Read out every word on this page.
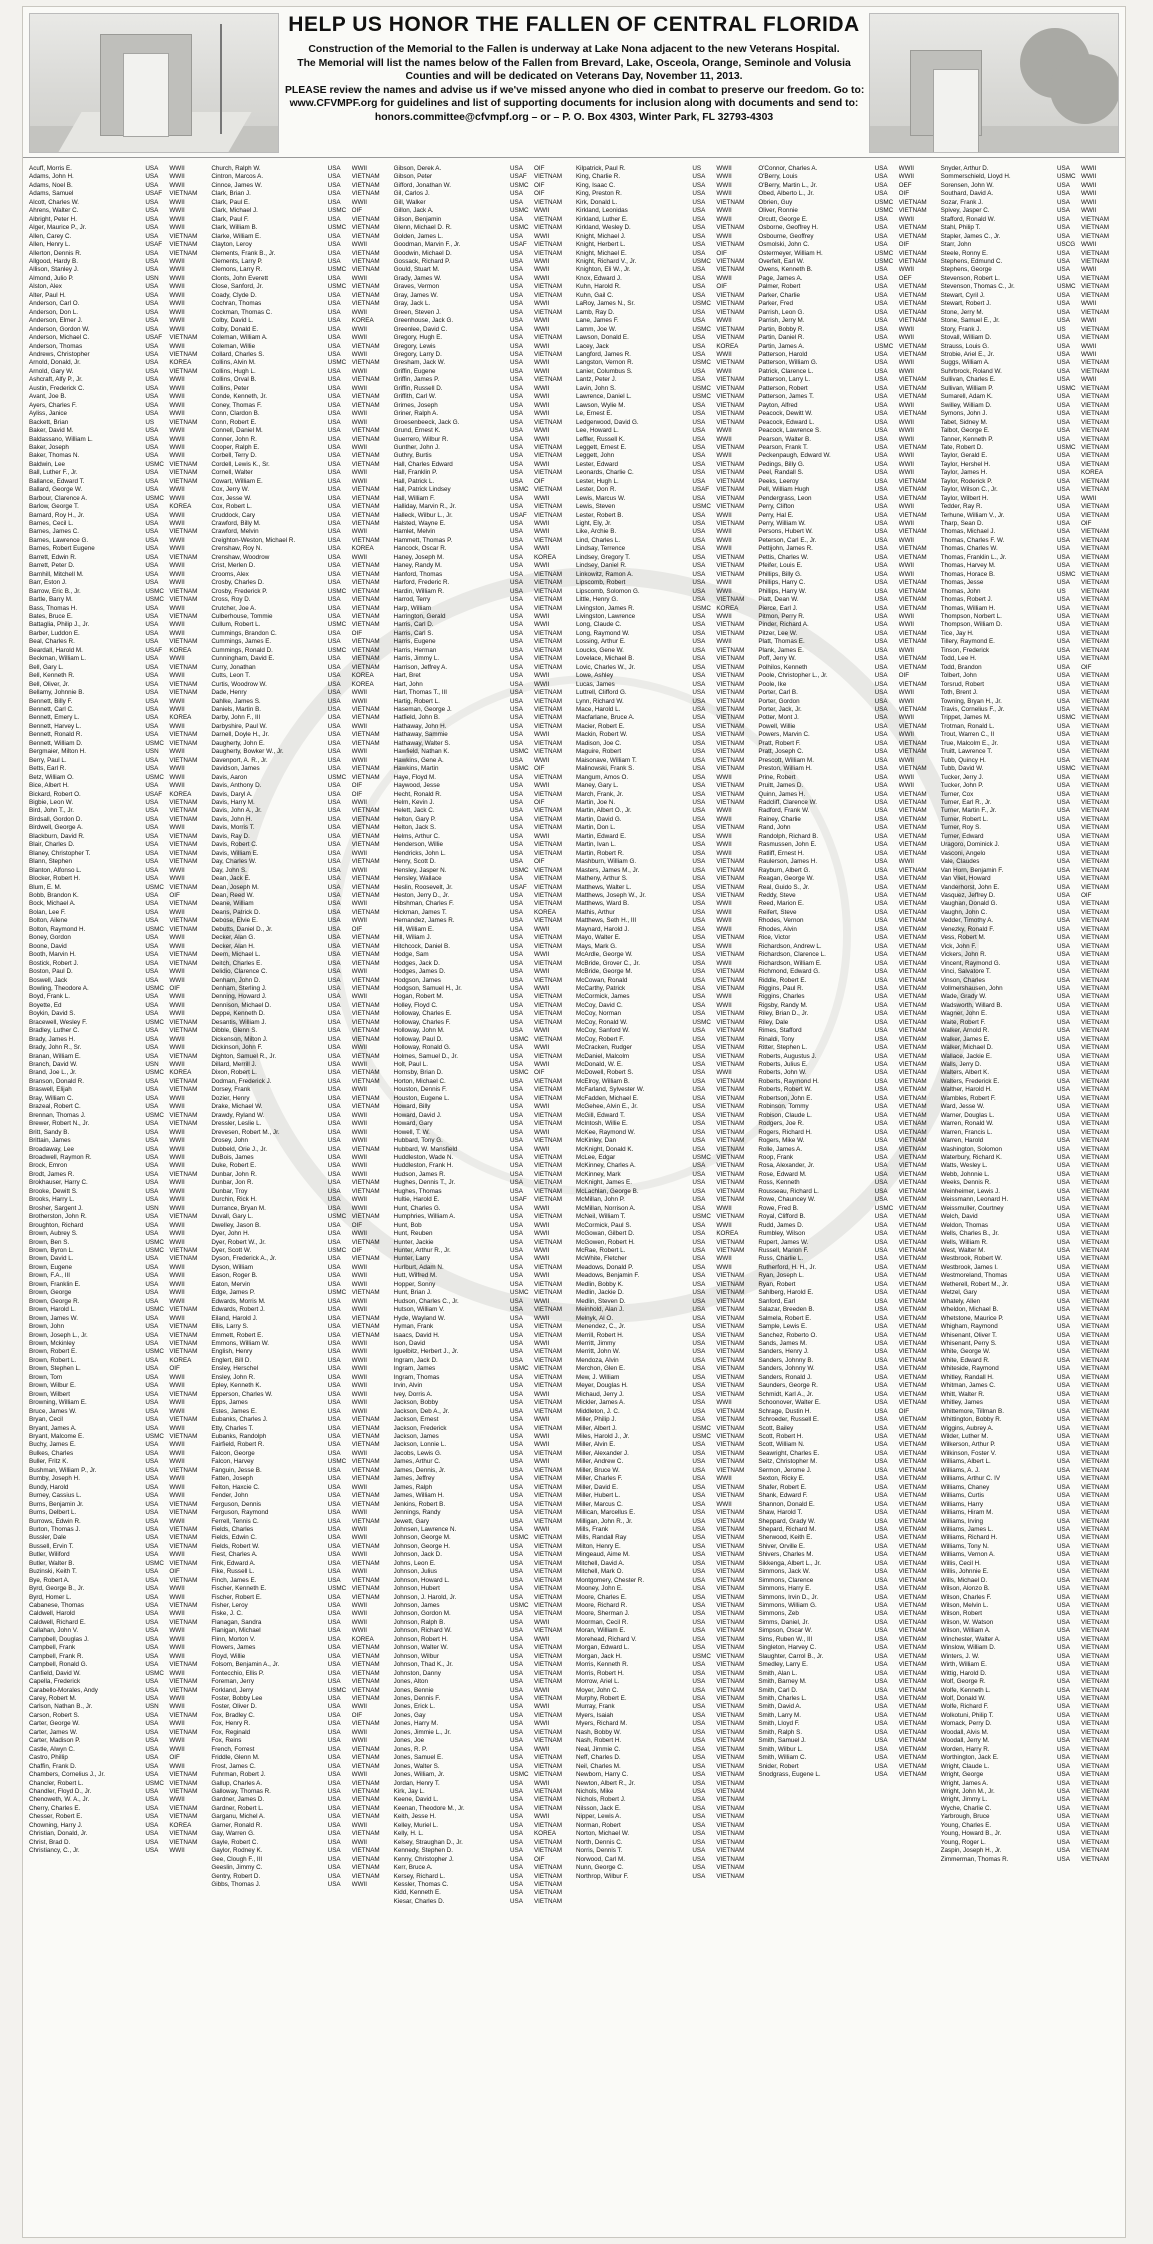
HELP US HONOR THE FALLEN OF CENTRAL FLORIDA
Construction of the Memorial to the Fallen is underway at Lake Nona adjacent to the new Veterans Hospital.
The Memorial will list the names below of the Fallen from Brevard, Lake, Osceola, Orange, Seminole and Volusia
Counties and will be dedicated on Veterans Day, November 11, 2013.
PLEASE review the names and advise us if we've missed anyone who died in combat to preserve our freedom. Go to:
www.CFVMPF.org for guidelines and list of supporting documents for inclusion along with documents and send to:
honors.committee@cfvmpf.org – or – P. O. Box 4303, Winter Park, FL 32793-4303
Acuff, Morris E.	USA	WWII
Adams, John H.	USA	WWII
Adams, Noel B.	USA	WWII
Adams, Samuel	USAF	VIETNAM
Alcott, Charles W.	USA	WWII
Ahrens, Walter C.	USA	WWII
Albright, Peter H.	USA	WWII
Alger, Maurice P., Jr.	USA	WWII
Allen, Carey C.	USA	VIETNAM
Allen, Henry L.	USAF	VIETNAM
Allerton, Dennis R.	USA	VIETNAM
Allgood, Hardy B.	USA	WWII
Allison, Stanley J.	USA	WWII
Almond, Julio P.	USN	WWII
Alston, Alex	USA	WWII
Alter, Paul H.	USA	WWII
Anderson, Carl O.	USA	WWII
Anderson, Don L.	USA	WWII
Anderson, Elmer J.	USA	WWII
Anderson, Gordon W.	USA	WWII
Anderson, Michael C.	USAF	VIETNAM
Anderson, Thomas	USA	WWII
Andrews, Christopher	USA	VIETNAM
Arnold, Donald, Jr.	USA	KOREA
Arnold, Gary W.	USA	VIETNAM
Ashcraft, Alfy P., Jr.	USA	WWII
Austin, Frederick C.	USA	WWII
Avant, Joe B.	USA	WWII
Ayers, Charles F.	USA	WWII
Ayliss, Janice	USA	WWII
Backett, Brian	US	VIETNAM
Baker, David M.	USA	WWII
Baldassano, William L.	USA	WWII
Baker, Joseph	USA	WWII
Baker, Thomas N.	USA	WWII
Baldwin, Lee	USMC VIETNAM
Ball, Luther F., Jr.	USA	VIETNAM
Ballance, Edward T.	USA	VIETNAM
Ballard, George W.	USA	WWII
Barbour, Clarence A.	USMC WWII
Barlow, George T.	USA	KOREA
Barnard, Roy H., Jr.	USA	WWII
Barnes, Cecil L.	USA	WWII
Barnes, James C.	USA	VIETNAM
Barnes, Lawrence G.	USA	WWII
Barnes, Robert Eugene	USA	WWII
Barrett, Edwin R.	USA	VIETNAM
Barrett, Peter D.	USA	WWII
Barnhill, Mitchell M.	USA	WWII
Barr, Eston J.	USA	WWII
Barrow, Eric B., Jr.	USMC VIETNAM
Bartle, Barry M.	USMC VIETNAM
Bass, Thomas H.	USA	WWII
Bates, Bruce E.	USA	VIETNAM
Battaglia, Philip J., Jr.	USA	WWII
Barber, Luddon E.	USA	WWII
Beal, Charles R.	USA	VIETNAM
Beardall, Harold M.	USAF	KOREA
Beckman, William L.	USA	WWII
Bell, Gary L.	USA	VIETNAM
Bell, Kenneth R.	USA	WWII
Bell, Oliver, Jr.	USA	VIETNAM
Bellamy, Johnnie B.	USA	VIETNAM
Bennett, Billy F.	USA	WWII
Bennett, Carl C.	USA	WWII
Bennett, Emery L.	USA	KOREA
Bennett, Harvey L.	USA	WWII
Bennett, Ronald R.	USA	VIETNAM
Bennett, William D.	USMC VIETNAM
Bergmaier, Milton H.	USN	WWII
Berry, Paul L.	USA	VIETNAM
Betts, Earl R.	USA	WWII
Betz, William O.	USMC WWII
Bice, Albert H.	USA	WWII
Bickard, Robert O.	USAF	KOREA
Bigbie, Leon W.	USA	VIETNAM
Bird, John T., Jr.	USA	VIETNAM
Birdsall, Gordon D.	USA	VIETNAM
Birdwell, George A.	USA	WWII
Blackburn, David R.	USA	VIETNAM
Blair, Charles D.	USA	VIETNAM
Blaney, Christopher T.	USA	VIETNAM
Blann, Stephen	USA	VIETNAM
Blanton, Alfonso L.	USA	WWII
Blocker, Robert H.	USA	WWII
Blum, E. M.	USMC VIETNAM
Bobb, Brandon K.	USA	OIF
Bock, Michael A.	USA	VIETNAM
Bolan, Lee F.	USA	WWII
Bolton, Ailene	USA	VIETNAM
Bolton, Raymond H.	USMC VIETNAM
Boney, Gordon	USA	WWII
Boone, David	USA	WWII
Booth, Marvin H.	USA	VIETNAM
Bostick, Robert J.	USA	VIETNAM
Boston, Paul D.	USA	WWII
Boswell, Jack	USA	WWII
Bowling, Theodore A.	USMC OIF
Boyd, Frank L.	USA	WWII
Boyette, Ed	USA	WWII
Boykin, David S.	USA	WWII
Bracewell, Wesley F.	USMC VIETNAM
Bradley, Luther C.	USA	VIETNAM
Brady, James H.	USA	WWII
Brady, John R., Sr.	USA	WWII
Branan, William E.	USA	VIETNAM
Branch, David W.	USN	WWII
Brand, Joe L., Jr.	USMC KOREA
Branson, Donald R.	USA	VIETNAM
Braswell, Elijah	USA	VIETNAM
Bray, William C.	USA	WWII
Brazeal, Robert C.	USA	WWII
Brennan, Thomas J.	USMC VIETNAM
Brewer, Robert N., Jr.	USA	VIETNAM
Britt, Sandy B.	USA	WWII
Brittain, James	USA	WWII
Broadaway, Lee	USA	WWII
Broadwell, Raymon R.	USA	WWII
Brock, Emron	USA	WWII
Brodt, James R.	USA	VIETNAM
Brokhauser, Harry C.	USA	WWII
Brooke, Dewitt S.	USA	WWII
Brooks, Harry L.	USA	WWII
Brosher, Sargent J.	USN	WWII
Brotherston, John R.	USA	VIETNAM
Broughton, Richard	USA	WWII
Brown, Aubrey S.	USA	WWII
Brown, Ben S.	USMC WWII
Brown, Byron L.	USMC VIETNAM
Brown, David L.	USA	VIETNAM
Brown, Eugene	USA	WWII
Brown, F.A., III	USA	WWII
Brown, Franklin E.	USA	WWII
Brown, George	USA	WWII
Brown, George R.	USA	WWII
Brown, Harold L.	USMC VIETNAM
Brown, James W.	USA	WWII
Brown, John	USA	VIETNAM
Brown, Joseph L., Jr.	USA	VIETNAM
Brown, Mckinley	USA	VIETNAM
Brown, Robert E.	USMC VIETNAM
Brown, Robert L.	USA	KOREA
Brown, Stephen L.	USA	OIF
Brown, Tom	USA	WWII
Brown, Wilbur E.	USA	WWII
Brown, Wilbert	USA	VIETNAM
Browning, William E.	USA	WWII
Bruce, James W.	USA	WWII
Bryan, Cecil	USA	VIETNAM
Bryant, James A.	USA	WWII
Bryant, Malcome E.	USMC VIETNAM
Buchy, James E.	USA	WWII
Bulkes, Charles	USA	WWII
Buller, Fritz K.	USA	WWII
Bushman, William P., Jr.	USA	VIETNAM
Bumby, Joseph H.	USA	WWII
Bundy, Harold	USA	WWII
Burney, Cassius L.	USA	WWII
Burns, Benjamin Jr.	USA	VIETNAM
Burns, Delbert L.	USA	VIETNAM
Burrows, Edwin R.	USA	WWII
Burton, Thomas J.	USA	VIETNAM
Bussler, Dale	USA	VIETNAM
Bussell, Ervin T.	USA	VIETNAM
Butler, Wiliford	USA	WWII
Butler, Walter B.	USMC VIETNAM
Buzinski, Keith T.	USA	OIF
Bye, Robert A.	USA	VIETNAM
Byrd, George B., Jr.	USA	WWII
Byrd, Homer L.	USA	WWII
Cabanese, Thomas	USA	VIETNAM
Caldwell, Harold	USA	WWII
Caldwell, Richard E.	USA	VIETNAM
Callahan, John V.	USA	WWII
Campbell, Douglas J.	USA	WWII
Campbell, Frank	USA	WWII
Campbell, Frank R.	USA	WWII
Campbell, Ronald G.	USA	VIETNAM
Canfield, David W.	USMC WWII
Capella, Frederick	USA	VIETNAM
Carabello-Morales, Andy	USA	VIETNAM
Carey, Robert M.	USA	WWII
Carlson, Nathan B., Jr.	USN	WWII
Carson, Robert S.	USA	VIETNAM
Carter, George W.	USA	WWII
Carter, James W.	USA	VIETNAM
Carter, Madison P.	USA	WWII
Castle, Alwyn C.	USA	WWII
Castro, Phillip	USA	OIF
Chaffin, Frank D.	USA	WWII
Chambers, Cornelius J., Jr.	USA	VIETNAM
Chancler, Robert L.	USMC VIETNAM
Chandler, Floyd D., Jr.	USA	VIETNAM
Chenoweth, W. A., Jr.	USA	WWII
Cherry, Charles E.	USA	VIETNAM
Chesser, Robert E.	USA	VIETNAM
Chowning, Harry J.	USA	KOREA
Christian, Donald, Jr.	USA	VIETNAM
Christ, Brad D.	USA	VIETNAM
Christiancy, C., Jr.	USA	WWII
Church, Ralph W.	USA	WWII
Cintron, Marcos A.	USA	VIETNAM
Cinnce, James W.	USA	VIETNAM
Clark, Brian J.	USA	VIETNAM
Clark, Paul E.	USA	WWII
Clark, Michael J.	USMC OIF
Clark, Paul F.	USA	VIETNAM
Clark, William B.	USMC VIETNAM
Clarke, William E.	USA	VIETNAM
Clayton, Leroy	USA	WWII
Clements, Frank B., Jr.	USA	VIETNAM
Clements, Larry P.	USA	VIETNAM
Clemons, Larry R.	USMC VIETNAM
Clonts, John Everett	USA	WWII
Close, Sanford, Jr.	USMC VIETNAM
Coady, Clyde D.	USA	VIETNAM
Cochran, Thomas	USA	VIETNAM
Cockman, Thomas C.	USA	WWII
Colby, David L.	USA	KOREA
Colby, Donald E.	USA	WWII
Coleman, William A.	USA	WWII
Coleman, Willie	USA	VIETNAM
Collard, Charles S.	USA	WWII
Collins, Alvin M.	USMC VIETNAM
Collins, Hugh L.	USA	WWII
Collins, Orval B.	USA	VIETNAM
Collins, Peter	USA	WWII
Conde, Kenneth, Jr.	USA	VIETNAM
Coney, Thomas F.	USA	VIETNAM
Conn, Clardon B.	USA	WWII
Conn, Robert E.	USA	WWII
Connell, Daniel M.	USA	VIETNAM
Conner, John R.	USA	VIETNAM
Cooper, Ralph E.	USA	WWII
Corbell, Terry D.	USA	VIETNAM
Cordell, Lewis K., Sr.	USA	VIETNAM
Cornell, Walter	USA	WWII
Cowart, William E.	USA	WWII
Cox, Jerry W.	USA	VIETNAM
Cox, Jesse W.	USA	VIETNAM
Cox, Robert L.	USA	VIETNAM
Cruddock, Cary	USA	VIETNAM
Crawford, Billy M.	USA	VIETNAM
Crawford, Melvin	USA	WWII
Creighton-Weston, Michael R.	USA	VIETNAM
Crenshaw, Roy N.	USA	KOREA
Crenshaw, Woodrow	USA	WWII
Crist, Merlen D.	USA	VIETNAM
Crooms, Alex	USA	VIETNAM
Crosby, Charles D.	USA	VIETNAM
Crosby, Frederick P.	USMC VIETNAM
Cross, Roy D.	USA	VIETNAM
Crutcher, Joe A.	USA	VIETNAM
Culberhouse, Tommie	USA	VIETNAM
Cullum, Robert L.	USMC VIETNAM
Cummings, Brandon C.	USA	OIF
Cummings, James E.	USA	VIETNAM
Cummings, Ronald D.	USMC VIETNAM
Cunningham, David E.	USA	VIETNAM
Curry, Jonathan	USA	VIETNAM
Cutts, Leon T.	USA	KOREA
Curtis, Woodrow W.	USA	KOREA
Dade, Henry	USA	WWII
Dahlke, James S.	USA	WWII
Daniels, Martin B.	USA	VIETNAM
Darby, John F., III	USA	VIETNAM
Darbyshire, Paul W.	USA	WWII
Darnell, Doyle H., Jr.	USA	VIETNAM
Daugherty, John E.	USA	VIETNAM
Daugherty, Bowker W., Jr.	USA	WWII
Davenport, A. R., Jr.	USA	WWII
Davidson, James	USA	VIETNAM
Davis, Aaron	USMC VIETNAM
Davis, Anthony D.	USA	OIF
Davis, Daryl A.	USA	OIF
Davis, Harry M.	USA	WWII
Davis, John A., Jr.	USA	VIETNAM
Davis, John H.	USA	VIETNAM
Davis, Morris T.	USA	VIETNAM
Davis, Ray D.	USA	VIETNAM
Davis, Robert C.	USA	VIETNAM
Davis, William E.	USA	WWII
Day, Charles W.	USA	VIETNAM
Day, John S.	USA	WWII
Dean, Jack E.	USA	VIETNAM
Dean, Joseph M.	USA	VIETNAM
Dean, Reed W.	USA	VIETNAM
Deane, William	USA	WWII
Deans, Patrick D.	USA	VIETNAM
Debose, Elvie E.	USA	WWII
Debutts, Daniel D., Jr.	USA	OIF
Decker, Alan G.	USA	VIETNAM
Decker, Alan H.	USA	VIETNAM
Deem, Michael L.	USA	VIETNAM
Deitch, Charles E.	USA	VIETNAM
Delidio, Clarence C.	USA	WWII
Denham, John D.	USA	VIETNAM
Denham, Sterling J.	USA	VIETNAM
Denning, Howard J.	USA	WWII
Dennison, Michael D.	USA	VIETNAM
Deppe, Kenneth D.	USA	VIETNAM
Desantis, William J.	USA	VIETNAM
Dibble, Glenn S.	USA	VIETNAM
Dickenson, Milton J.	USA	VIETNAM
Dickinson, John F.	USA	WWII
Dighton, Samuel R., Jr.	USA	VIETNAM
Dillard, Merrill J.	USA	WWII
Dixon, Robert L.	USA	VIETNAM
Dodman, Frederick J.	USA	VIETNAM
Dorsey, Frank	USA	WWII
Dozier, Henry	USA	VIETNAM
Drake, Michael W.	USA	VIETNAM
Drawdy, Ryland W.	USA	WWII
Dressler, Leslie L.	USA	WWII
Drevesen, Robert M., Jr.	USA	WWII
Drosey, John	USA	WWII
Dubbeld, Orie J., Jr.	USA	VIETNAM
DuBois, James	USA	WWII
Duke, Robert E.	USA	WWII
Dunbar, John R.	USA	WWII
Dunbar, Jon R.	USA	VIETNAM
Dunbar, Troy	USA	VIETNAM
Durchin, Rick H.	USA	WWII
Durrance, Bryan M.	USA	WWII
Duvall, Gary L.	USMC VIETNAM
Dwelley, Jason B.	USA	OIF
Dyer, John H.	USA	WWII
Dyer, Robert W., Jr.	USA	VIETNAM
Dyer, Scott W.	USMC OIF
Dyson, Frederick A., Jr.	USA	VIETNAM
Dyson, William	USA	WWII
Eason, Roger B.	USA	WWII
Eaton, Mervin	USA	WWII
Edge, James P.	USMC VIETNAM
Edwards, Morris M.	USA	WWII
Edwards, Robert J.	USA	WWII
Eiland, Harold J.	USA	VIETNAM
Ellis, Larry S.	USA	VIETNAM
Emmett, Robert E.	USA	VIETNAM
Emmons, William W.	USA	WWII
English, Henry	USA	WWII
Englert, Bill D.	USA	WWII
Ensley, Herschel	USA	WWII
Ensley, John R.	USA	WWII
Epley, Kenneth K.	USA	WWII
Epperson, Charles W.	USA	WWII
Epps, James	USA	WWII
Estes, James E.	USA	WWII
Eubanks, Charles J.	USA	VIETNAM
Etty, Charles T.	USA	VIETNAM
Eubanks, Randolph	USA	VIETNAM
Fairfield, Robert R.	USA	VIETNAM
Falcon, George	USA	WWII
Falcon, Harvey	USMC VIETNAM
Fanguin, Jesse B.	USA	VIETNAM
Fatten, Joseph	USA	VIETNAM
Felton, Haxcie C.	USA	WWII
Fender, John	USA	VIETNAM
Ferguson, Dennis	USA	VIETNAM
Ferguson, Raymond	USA	WWII
Ferrell, Tennis C.	USA	VIETNAM
Fields, Charles	USA	WWII
Fields, Edwin C.	USA	WWII
Fields, Robert W.	USA	VIETNAM
Fiest, Charles A.	USA	WWII
Fink, Edward A.	USA	VIETNAM
Fike, Russell L.	USA	WWII
Finch, James E.	USA	VIETNAM
Fischer, Kenneth E.	USMC VIETNAM
Fischer, Robert E.	USA	VIETNAM
Fisher, Leroy	USA	WWII
Fiske, J. C.	USA	WWII
Flanagan, Sandra	USA	WWII
Flanigan, Michael	USA	WWII
Flinn, Morton V.	USA	KOREA
Flowers, James	USA	VIETNAM
Floyd, Willie	USA	VIETNAM
Folsom, Benjamin A., Jr.	USA	VIETNAM
Fontecchio, Ellis P.	USA	VIETNAM
Foreman, Jerry	USA	VIETNAM
Forkland, Jerry	USMC VIETNAM
Foster, Bobby Lee	USA	VIETNAM
Foster, Oliver D.	USA	WWII
Fox, Bradley C.	USA	OIF
Fox, Henry R.	USA	VIETNAM
Fox, Reginald	USA	WWII
Fox, Reins	USA	WWII
French, Forrest	USA	VIETNAM
Friddle, Glenn M.	USA	VIETNAM
Frost, James C.	USA	VIETNAM
Fuhrman, Robert J.	USA	WWII
Gallup, Charles A.	USA	VIETNAM
Galloway, Thomas R.	USA	VIETNAM
Gardner, James D.	USA	VIETNAM
Gardner, Robert L.	USA	VIETNAM
Garganu, Michel A.	USA	VIETNAM
Garner, Ronald R.	USA	WWII
Gay, Warren G.	USA	VIETNAM
Gayle, Robert C.	USA	WWII
Gaylor, Rodney K.	USA	VIETNAM
Gee, Clough F., III	USA	VIETNAM
Geeslin, Jimmy C.	USA	VIETNAM
Gentry, Robert D.	USA	VIETNAM
Gibbs, Thomas J.	USA	WWII
Gibson, Derek A.	USA	OIF
Gibson, Peter	USAF	VIETNAM
Gifford, Jonathan W.	USMC OIF
Gil, Carlos J.	USA	OIF
Gill, Walker	USA	VIETNAM
Gillon, Jack A.	USMC WWII
Gilson, Benjamin	USA	VIETNAM
Glenn, Michael D. R.	USMC VIETNAM
Golden, James L.	USA	WWII
Goodman, Marvin F., Jr.	USAF	VIETNAM
Goodwin, Michael D.	USA	VIETNAM
Gossack, Richard P.	USA	WWII
Gould, Stuart M.	USA	WWII
Grady, James W.	USA	WWII
Graves, Vermon	USA	VIETNAM
Gray, James W.	USA	VIETNAM
Gray, Jack L.	USA	WWII
Green, Steven J.	USA	VIETNAM
Greenhouse, Jack G.	USA	WWII
Greenlee, David C.	USA	WWII
Gregory, Hugh E.	USA	VIETNAM
Gregory, Lewis	USA	WWII
Gregory, Larry D.	USA	VIETNAM
Gresham, Jack W.	USA	WWII
Griffin, Eugene	USA	WWII
Griffin, James P.	USA	VIETNAM
Griffin, Russell D.	USA	WWII
Griffith, Carl W.	USA	WWII
Grimes, Joseph	USA	WWII
Griner, Ralph A.	USA	WWII
Groesenbeeck, Jack G.	USA	VIETNAM
Grund, Ernest K.	USA	WWII
Guerrero, Wilbur R.	USA	WWII
Gunther, John J.	USA	VIETNAM
Guthry, Burtis	USA	VIETNAM
Hall, Charles Edward	USA	WWII
Hall, Franklin P.	USA	VIETNAM
Hall, Patrick L.	USA	OIF
Hall, Patrick Lindsey	USMC VIETNAM
Hall, William F.	USA	WWII
Halliday, Marvin R., Jr.	USA	VIETNAM
Halleck, Wilbur L., Jr.	USAF	VIETNAM
Halsted, Wayne E.	USA	WWII
Hamlet, Melvin	USA	WWII
Hammett, Thomas P.	USA	VIETNAM
Hancock, Oscar R.	USA	WWII
Haney, Joseph M.	USA	KOREA
Haney, Randy M.	USA	WWII
Hanford, Thomas	USA	VIETNAM
Harford, Frederic R.	USA	VIETNAM
Hardin, William R.	USA	VIETNAM
Harrod, Terry	USA	VIETNAM
Harp, William	USA	VIETNAM
Harrington, Gerald	USA	WWII
Harris, Carl D.	USA	WWII
Harris, Carl S.	USA	VIETNAM
Harris, Eugene	USA	VIETNAM
Harris, Herman	USA	VIETNAM
Harris, Jimmy L.	USA	VIETNAM
Harrison, Jeffrey A.	USA	VIETNAM
Hart, Bret	USA	WWII
Hart, John	USA	WWII
Hart, Thomas T., III	USA	VIETNAM
Hartig, Robert L.	USA	VIETNAM
Haseman, George J.	USA	VIETNAM
Hatfield, John B.	USA	VIETNAM
Hathaway, John H.	USA	VIETNAM
Hathaway, Sammie	USA	WWII
Hathaway, Walter S.	USA	VIETNAM
Hawfield, Nathan K.	USMC VIETNAM
Hawkins, Gene A.	USA	WWII
Hawkins, Martin	USMC OIF
Haye, Floyd M.	USA	VIETNAM
Haywood, Jesse	USA	WWII
Hecht, Ronald R.	USA	VIETNAM
Helm, Kevin J.	USA	OIF
Helett, Jack C.	USA	VIETNAM
Helton, Gary P.	USA	VIETNAM
Helton, Jack S.	USA	VIETNAM
Helms, Arthur C.	USA	WWII
Henderson, Willie	USA	VIETNAM
Hendricks, John L.	USA	VIETNAM
Henry, Scott D.	USA	OIF
Hensley, Jasper N.	USMC VIETNAM
Hensley, Wallace	USA	VIETNAM
Heslin, Roosevelt, Jr.	USAF	VIETNAM
Heston, Jerry D., Jr.	USA	VIETNAM
Hibshman, Charles F.	USA	VIETNAM
Hickman, James T.	USA	KOREA
Hernandez, James R.	USA	VIETNAM
Hill, William E.	USA	WWII
Hill, Wiliam J.	USA	VIETNAM
Hitchcock, Daniel B.	USA	VIETNAM
Hodge, Sam	USA	WWII
Hodges, Jack D.	USA	VIETNAM
Hodges, James D.	USA	WWII
Hodgson, James	USA	VIETNAM
Hodgson, Samuel H., Jr.	USA	WWII
Hogan, Robert M.	USA	VIETNAM
Holley, Floyd C.	USA	VIETNAM
Holloway, Charles E.	USA	VIETNAM
Holloway, Charles F.	USA	VIETNAM
Holloway, John M.	USA	WWII
Holloway, Paul D.	USMC VIETNAM
Holloway, Ronald G.	USA	WWII
Holmes, Samuel D., Jr.	USA	VIETNAM
Holt, Paul L.	USA	WWII
Hornsby, Brian D.	USMC OIF
Horton, Michael C.	USA	VIETNAM
Houston, Dennis F.	USA	VIETNAM
Houston, Eugene L.	USA	VIETNAM
Howard, Billy	USA	WWII
Howard, David J.	USA	VIETNAM
Howard, Gary	USA	VIETNAM
Howell, T. W.	USA	WWII
Hubbard, Tony G.	USA	VIETNAM
Hubbard, W. Mansfield	USA	WWII
Huddleston, Wade N.	USA	VIETNAM
Huddleston, Frank H.	USA	VIETNAM
Hudson, James R.	USA	VIETNAM
Hughes, Dennis T., Jr.	USA	VIETNAM
Hughes, Thomas	USA	VIETNAM
Hultie, Harold E.	USAF	VIETNAM
Hunt, Charles G.	USA	WWII
Humphries, William A.	USA	VIETNAM
Hunt, Bob	USA	WWII
Hunt, Reuben	USA	WWII
Hunter, Jackie	USA	VIETNAM
Hunter, Arthur R., Jr.	USA	WWII
Hunter, Larry	USA	WWII
Hurlburt, Adam N.	USA	VIETNAM
Hutt, Wilfred M.	USA	WWII
Hopper, Sonny	USA	VIETNAM
Hunt, Brian J.	USMC VIETNAM
Hudson, Charles C., Jr.	USA	WWII
Hutson, William V.	USA	VIETNAM
Hyde, Wayland W.	USA	WWII
Hyman, Frank	USA	VIETNAM
Isaacs, David H.	USA	VIETNAM
Ison, David	USA	WWII
Iguelbitz, Herbert J., Jr.	USA	VIETNAM
Ingram, Jack D.	USA	VIETNAM
Ingram, James	USMC VIETNAM
Ingram, Thomas	USA	VIETNAM
Irvin, Alvin	USA	VIETNAM
Ivey, Dorris A.	USA	WWII
Jackson, Bobby	USA	VIETNAM
Jackson, Deb A., Jr.	USA	VIETNAM
Jackson, Ernest	USA	WWII
Jackson, Frederick	USA	VIETNAM
Jackson, James	USA	WWII
Jackson, Lonnie L.	USA	WWII
Jacobs, Lewis G.	USA	VIETNAM
James, Arthur C.	USA	WWII
James, Dennis, Jr.	USA	VIETNAM
James, Jeffrey	USA	VIETNAM
James, Ralph	USA	VIETNAM
James, William H.	USA	VIETNAM
Jenkins, Robert B.	USA	VIETNAM
Jennings, Randy	USA	VIETNAM
Jewett, Gary	USA	VIETNAM
Johnsen, Lawrence N.	USA	WWII
Johnson, George M.	USMC VIETNAM
Johnson, George H.	USA	VIETNAM
Johnson, Jack D.	USA	VIETNAM
Johns, Leon E.	USA	VIETNAM
Johnson, Julius	USA	VIETNAM
Johnson, Howard L.	USA	VIETNAM
Johnson, Hubert	USA	VIETNAM
Johnson, J. Harold, Jr.	USA	VIETNAM
Johnson, James	USMC VIETNAM
Johnson, Gordon M.	USA	VIETNAM
Johnson, Ralph B.	USA	WWII
Johnson, Richard W.	USA	VIETNAM
Johnson, Robert H.	USA	WWII
Johnson, Walter W.	USA	VIETNAM
Johnson, Wilbur	USA	VIETNAM
Johnson, Thad K., Jr.	USA	VIETNAM
Johnston, Danny	USA	VIETNAM
Jones, Alton	USA	VIETNAM
Jones, Bennie	USA	WWII
Jones, Dennis F.	USA	VIETNAM
Jones, Erick L.	USA	WWII
Jones, Gay	USA	VIETNAM
Jones, Harry M.	USA	WWII
Jones, Jimmie L., Jr.	USA	VIETNAM
Jones, Joe	USA	VIETNAM
Jones, R. P.	USA	WWII
Jones, Samuel E.	USA	VIETNAM
Jones, Walter S.	USA	VIETNAM
Jones, William, Jr.	USMC VIETNAM
Jordan, Henry T.	USA	WWII
Kirk, Jay L.	USA	VIETNAM
Keene, David L.	USA	VIETNAM
Keenan, Theodore M., Jr.	USA	VIETNAM
Keith, Jesse H.	USA	WWII
Kelley, Muriel L.	USA	VIETNAM
Kelly, H. L.	USA	KOREA
Kelsey, Straughan D., Jr.	USA	VIETNAM
Kennedy, Stephen D.	USA	VIETNAM
Kenny, Christopher J.	USA	OIF
Kerr, Bruce A.	USA	VIETNAM
Kersey, Richard L.	USA	VIETNAM
Kessler, Thomas C.	USA	VIETNAM
Kidd, Kenneth E.	USA	VIETNAM
Kiesar, Charles D.	USA	VIETNAM
Kilpatrick, Paul R.	US	WWII
King, Charlie R.	USA	WWII
King, Isaac C.	USA	WWII
King, Preston R.	USA	WWII
Kirk, Donald L.	USA	VIETNAM
Kirkland, Leonidas	USA	WWII
Kirkland, Luther E.	USA	WWII
Kirkland, Wesley D.	USA	VIETNAM
Knight, Michael J.	USA	WWII
Knight, Herbert L.	USA	VIETNAM
Knight, Michael E.	USA	OIF
Knight, Richard V., Jr.	USMC VIETNAM
Knighton, Eli W., Jr.	USA	VIETNAM
Knox, Edward J.	USA	WWII
Kuhn, Harold R.	USA	OIF
Kuhn, Gail C.	USA	VIETNAM
LaRoy, James N., Sr.	USMC VIETNAM
Lamb, Ray D.	USA	VIETNAM
Lane, James F.	USA	WWII
Lamm, Joe W.	USMC VIETNAM
Lawson, Donald E.	USA	VIETNAM
Lacey, Jack	USA	KOREA
Langford, James R.	USA	WWII
Langston, Vernon R.	USMC VIETNAM
Lanier, Columbus S.	USA	WWII
Lantz, Peter J.	USA	VIETNAM
Lavin, John S.	USMC VIETNAM
Lawrence, Daniel L.	USMC VIETNAM
Lawson, Wylie M.	USA	VIETNAM
Le, Ernest E.	USA	VIETNAM
Ledgerwood, David G.	USA	VIETNAM
Lee, Howard L.	USA	WWII
Leffler, Russell K.	USA	WWII
Leggett, Ernest E.	USA	VIETNAM
Leggett, John	USA	WWII
Lester, Edward	USA	VIETNAM
Leonards, Charlie C.	USA	VIETNAM
Lester, Hugh L.	USA	VIETNAM
Lester, Don R.	USAF	VIETNAM
Lewis, Marcus W.	USA	VIETNAM
Lewis, Steven	USMC VIETNAM
Lester, Robert B.	USA	WWII
Light, Ely, Jr.	USA	VIETNAM
Like, Archie B.	USA	WWII
Lind, Charles L.	USA	WWII
Lindsay, Terrence	USA	WWII
Lindsey, Gregory T.	USA	VIETNAM
Lindsey, Daniel R.	USA	VIETNAM
Linkowitz, Ramon A.	USA	VIETNAM
Lipscomb, Robert	USA	WWII
Lipscomb, Solomon G.	USA	WWII
Little, Henry G.	USA	VIETNAM
Livingston, James R.	USMC KOREA
Livingston, Lawrence	USA	WWII
Long, Claude C.	USA	VIETNAM
Long, Raymond W.	USA	VIETNAM
Lossing, Arthur E.	USA	WWII
Loucks, Gene W.	USA	VIETNAM
Lovelace, Michael B.	USA	VIETNAM
Lovic, Charles W., Jr.	USA	VIETNAM
Lowe, Ashley	USA	VIETNAM
Lucas, James	USA	VIETNAM
Luttrell, Clifford G.	USA	VIETNAM
Lynn, Richard W.	USA	VIETNAM
Mace, Harold L.	USA	VIETNAM
Macfarlane, Bruce A.	USA	VIETNAM
Macier, Robert E.	USA	VIETNAM
Mackin, Robert W.	USA	VIETNAM
Madison, Joe C.	USA	VIETNAM
Maguire, Robert	USA	VIETNAM
Maisonave, William T.	USA	VIETNAM
Malinowski, Frank S.	USA	VIETNAM
Mangum, Amos O.	USA	WWII
Maney, Gary L.	USA	VIETNAM
March, Frank, Jr.	USA	VIETNAM
Martin, Joe N.	USA	VIETNAM
Martin, Albert O., Jr.	USA	WWII
Martin, David G.	USA	WWII
Martin, Don L.	USA	VIETNAM
Martin, Edward E.	USA	WWII
Martin, Ivan L.	USA	WWII
Martin, Robert R.	USA	WWII
Mashburn, William G.	USA	VIETNAM
Masters, James M., Jr.	USA	VIETNAM
Matheny, Arthur S.	USA	VIETNAM
Matthews, Walter L.	USA	VIETNAM
Matthews, Joseph W., Jr.	USA	VIETNAM
Matthews, Ward B.	USA	WWII
Mathis, Arthur	USA	WWII
Matthews, Seth H., III	USA	WWII
Maynard, Harold J.	USA	WWII
Mayo, Walter E.	USA	VIETNAM
Mays, Mark G.	USA	WWII
McArdle, George W.	USA	VIETNAM
McBride, Grover C., Jr.	USA	WWII
McBride, George M.	USA	VIETNAM
McCowan, Ronald	USA	VIETNAM
McCarthy, Patrick	USA	VIETNAM
McCormick, James	USA	WWII
McCoy, David C.	USA	WWII
McCoy, Norman	USA	VIETNAM
McCoy, Ronald W.	USMC VIETNAM
McCoy, Sanford W.	USA	VIETNAM
McCoy, Robert F.	USA	VIETNAM
McCracken, Rudger	USA	VIETNAM
McDaniel, Malcolm	USA	VIETNAM
McDonald, W. E.	USA	VIETNAM
McDowell, Robert S.	USA	WWII
McElroy, William B.	USA	VIETNAM
McFarland, Sylvester W.	USA	VIETNAM
McFadden, Michael E.	USA	VIETNAM
McGehee, Alvin E., Jr.	USA	VIETNAM
McGill, Edward T.	USA	VIETNAM
McIntosh, Willie E.	USA	VIETNAM
McKee, Raymond W.	USA	VIETNAM
McKinley, Dan	USA	VIETNAM
McKnight, Donald K.	USA	VIETNAM
McLee, Edgar	USMC VIETNAM
McKinney, Charles A.	USA	VIETNAM
McKinney, Mark	USA	VIETNAM
McKnight, James E.	USA	VIETNAM
McLachlan, George B.	USA	VIETNAM
McMillan, John P.	USA	VIETNAM
McMillan, Norrison A.	USA	WWII
McNeil, William T.	USMC VIETNAM
McCormick, Paul S.	USA	WWII
McGowan, Gilbert D.	USA	KOREA
McGowen, Robert H.	USA	VIETNAM
McRae, Robert L.	USA	VIETNAM
McWhite, Fletcher	USA	WWII
Meadows, Donald P.	USA	WWII
Meadows, Benjamin F.	USA	VIETNAM
Medlin, Bobby K.	USA	VIETNAM
Medlin, Jackie D.	USA	VIETNAM
Medlin, Steven D.	USA	VIETNAM
Meinhold, Alan J.	USA	VIETNAM
Melnyk, Al O.	USA	VIETNAM
Menendez, C., Jr.	USA	VIETNAM
Merrill, Robert H.	USA	VIETNAM
Merritt, Jimmy	USA	VIETNAM
Merritt, John W.	USA	VIETNAM
Mendoza, Alvin	USA	VIETNAM
Merchon, Glen E.	USA	VIETNAM
Mew, J. William	USA	VIETNAM
Meyer, Douglas H.	USA	VIETNAM
Michaud, Jerry J.	USA	VIETNAM
Mickler, James A.	USA	WWII
Middleton, J. C.	USA	VIETNAM
Miller, Philip J.	USA	VIETNAM
Miller, Albert J.	USMC VIETNAM
Miles, Harold J., Jr.	USMC VIETNAM
Miller, Alvin E.	USA	VIETNAM
Miller, Alexander J.	USA	VIETNAM
Miller, Andrew C.	USA	VIETNAM
Miller, Bruce W.	USA	VIETNAM
Miller, Charles F.	USA	WWII
Miller, David E.	USA	VIETNAM
Miller, Hubert L.	USA	VIETNAM
Miller, Marcus C.	USA	WWII
Millican, Marcellus E.	USA	VIETNAM
Milligan, John R., Jr.	USA	VIETNAM
Mills, Frank	USA	VIETNAM
Mills, Randall Ray	USA	VIETNAM
Milton, Henry E.	USA	VIETNAM
Mingeaud, Aime M.	USA	VIETNAM
Mitchell, David A.	USA	VIETNAM
Mitchell, Mark O.	USA	VIETNAM
Montgomery, Chester R.	USA	VIETNAM
Mooney, John E.	USA	VIETNAM
Moore, Charles E.	USA	VIETNAM
Moore, Richard R.	USA	VIETNAM
Moore, Sherman J.	USA	VIETNAM
Moorman, Cecil R.	USA	VIETNAM
Moran, William E.	USA	VIETNAM
Morehead, Richard V.	USA	VIETNAM
Morgan, Edward L.	USA	VIETNAM
Morgan, Jack H.	USMC VIETNAM
Morris, Kenneth R.	USA	VIETNAM
Morris, Robert H.	USA	VIETNAM
Morrow, Ariel L.	USA	VIETNAM
Moyer, John C.	USA	VIETNAM
Murphy, Robert E.	USA	VIETNAM
Murray, Frank	USA	VIETNAM
Myers, Isaiah	USA	VIETNAM
Myers, Richard M.	USA	VIETNAM
Nash, Bobby W.	USA	VIETNAM
Nash, Robert H.	USA	VIETNAM
Neal, Jimmie C.	USA	VIETNAM
Neff, Charles D.	USA	VIETNAM
Neil, Charles M.	USA	VIETNAM
Newborn, Harry C.	USA	VIETNAM
Newton, Albert R., Jr.	USA	VIETNAM
Nichols, Mike	USA	VIETNAM
Nichols, Robert J.	USA	VIETNAM
Nilsson, Jack E.	USA	VIETNAM
Nipper, Lewis A.	USA	VIETNAM
Norman, Robert	USA	VIETNAM
Norton, Michael W.	USA	VIETNAM
North, Dennis C.	USA	VIETNAM
Norris, Dennis T.	USA	VIETNAM
Norwood, Carl M.	USA	VIETNAM
Nunn, George C.	USA	VIETNAM
Northrop, Wilbur F.	USA	VIETNAM
O'Connor, Charles A.	USA	WWII
O'Berry, Louis	USA	WWII
O'Berry, Martin L., Jr.	USA	OEF
Obed, Alberto L., Jr.	USA	OIF
Obrien, Guy	USMC VIETNAM
Oliver, Ronnie	USMC VIETNAM
Orcutt, George E.	USA	WWII
Osborne, Geoffrey H.	USA	VIETNAM
Osbourne, Geoffrey	USA	VIETNAM
Osmolski, John C.	USA	OIF
Ostermeyer, William H.	USMC VIETNAM
Overfelt, Earl W.	USMC VIETNAM
Owens, Kenneth B.	USA	WWII
Page, James A.	USA	OEF
Palmer, Robert	USA	VIETNAM
Parker, Charlie	USA	VIETNAM
Parker, Fred	USA	VIETNAM
Parrish, Leon G.	USA	VIETNAM
Parrish, Jerry M.	USA	VIETNAM
Partin, Bobby R.	USA	WWII
Partin, Daniel R.	USA	WWII
Partin, James A.	USMC VIETNAM
Patterson, Harold	USA	VIETNAM
Patterson, William G.	USA	WWII
Patrick, Clarence L.	USA	WWII
Patterson, Larry L.	USA	VIETNAM
Patterson, Robert	USA	VIETNAM
Patterson, James T.	USA	VIETNAM
Payton, Alfred	USA	WWII
Peacock, Dewitt W.	USA	VIETNAM
Peacock, Edward L.	USA	WWII
Peacock, Lawrence S.	USA	WWII
Pearson, Walter B.	USA	WWII
Pearson, Frank T.	USA	VIETNAM
Peckenpaugh, Edward W.	USA	WWII
Pedings, Billy G.	USA	WWII
Peel, Randall S.	USA	WWII
Peeks, Leeroy	USA	VIETNAM
Pell, William Hugh	USA	VIETNAM
Pendergrass, Leon	USA	VIETNAM
Perry, Clifton	USA	WWII
Perry, Hal E.	USA	VIETNAM
Perry, William W.	USA	WWII
Persons, Hubert W.	USA	VIETNAM
Peterson, Carl E., Jr.	USA	WWII
Pettijohn, James R.	USA	VIETNAM
Pettis, Charles W.	USA	VIETNAM
Pfeifer, Louis E.	USA	WWII
Phillips, Billy G.	USA	WWII
Phillips, Harry C.	USA	VIETNAM
Phillips, Harry W.	USA	VIETNAM
Piatt, Dean W.	USA	VIETNAM
Pierce, Earl J.	USA	VIETNAM
Pitmon, Perry R.	USA	WWII
Pinder, Richard A.	USA	WWII
Pitzer, Lee W.	USA	VIETNAM
Platt, Thomas E.	USA	VIETNAM
Plank, James E.	USA	WWII
Poff, Jerry W.	USA	VIETNAM
Polhilos, Kenneth	USA	VIETNAM
Poole, Christopher L., Jr.	USA	OIF
Poole, Ike	USA	VIETNAM
Porter, Carl B.	USA	WWII
Porter, Gordon	USA	WWII
Porter, Jack, Jr.	USA	VIETNAM
Potter, Mont J.	USA	WWII
Powell, Willie	USA	VIETNAM
Powers, Marvin C.	USA	WWII
Pratt, Robert F.	USA	VIETNAM
Pratt, Joseph C.	USA	VIETNAM
Prescott, William M.	USA	WWII
Preston, William H.	USA	VIETNAM
Prine, Robert	USA	WWII
Pruitt, James D.	USA	WWII
Quinn, James H.	USA	VIETNAM
Radcliff, Clarence W.	USA	VIETNAM
Radford, Frank W.	USA	VIETNAM
Rainey, Charlie	USA	VIETNAM
Rand, John	USA	VIETNAM
Randolph, Richard B.	USA	VIETNAM
Rasmussen, John E.	USA	VIETNAM
Ratliff, Ernest H.	USA	VIETNAM
Raulerson, James H.	USA	WWII
Rayburn, Albert G.	USA	VIETNAM
Reagan, George W.	USA	VIETNAM
Real, Guido S., Jr.	USA	VIETNAM
Reddy, Steve	USA	VIETNAM
Reed, Marion E.	USA	VIETNAM
Reifert, Steve	USA	VIETNAM
Rhodes, Vernon	USA	VIETNAM
Rhodes, Alvin	USA	VIETNAM
Rice, Victor	USA	VIETNAM
Richardson, Andrew L.	USA	VIETNAM
Richardson, Clarence L.	USA	VIETNAM
Richardson, William E.	USA	VIETNAM
Richmond, Edward G.	USA	VIETNAM
Riddle, Robert E.	USA	VIETNAM
Riggins, Paul R.	USA	VIETNAM
Riggins, Charles	USA	VIETNAM
Rigsby, Randy M.	USA	VIETNAM
Riley, Brian D., Jr.	USA	VIETNAM
Riley, Dale	USA	VIETNAM
Rimes, Stafford	USA	VIETNAM
Rinaldi, Tony	USA	VIETNAM
Ritter, Stephen L.	USA	VIETNAM
Roberts, Augustus J.	USA	VIETNAM
Roberts, Julius E.	USA	VIETNAM
Roberts, John W.	USA	VIETNAM
Roberts, Raymond H.	USA	VIETNAM
Roberts, Robert W.	USA	VIETNAM
Robertson, John E.	USA	VIETNAM
Robinson, Tommy	USA	VIETNAM
Robison, Claude L.	USA	VIETNAM
Rodgers, Joe R.	USA	VIETNAM
Rogers, Richard H.	USA	VIETNAM
Rogers, Mike W.	USA	VIETNAM
Rolle, James A.	USA	VIETNAM
Roop, Frank	USA	VIETNAM
Rosa, Alexander, Jr.	USA	VIETNAM
Rose, Edward M.	USA	VIETNAM
Ross, Kenneth	USA	VIETNAM
Rousseau, Richard L.	USA	VIETNAM
Rowe, Chauncey W.	USA	VIETNAM
Rowe, Fred B.	USMC VIETNAM
Royal, Clifford B.	USA	VIETNAM
Rudd, James D.	USA	VIETNAM
Rumbley, Wilson	USA	VIETNAM
Rupert, James W.	USA	VIETNAM
Russell, Marion F.	USA	VIETNAM
Russ, Charlie L.	USA	VIETNAM
Rutherford, H. H., Jr.	USA	VIETNAM
Ryan, Joseph L.	USA	VIETNAM
Ryan, Robert	USA	VIETNAM
Sahlberg, Harold E.	USA	VIETNAM
Sanford, Earl	USA	VIETNAM
Salazar, Breeden B.	USA	VIETNAM
Salmela, Robert E.	USA	VIETNAM
Sample, Lewis E.	USA	VIETNAM
Sanchez, Roberto O.	USA	VIETNAM
Sands, James M.	USA	VIETNAM
Sanders, Henry J.	USA	VIETNAM
Sanders, Johnny B.	USA	VIETNAM
Sanders, Johnny W.	USA	VIETNAM
Sanders, Ronald J.	USA	VIETNAM
Saunders, George R.	USA	VIETNAM
Schmidt, Karl A., Jr.	USA	VIETNAM
Schoonover, Walter E.	USA	VIETNAM
Schrage, Dustin H.	USA	OIF
Schroeder, Russell E.	USA	VIETNAM
Scott, Bailey	USA	VIETNAM
Scott, Robert H.	USA	VIETNAM
Scott, William N.	USA	VIETNAM
Seawright, Charles E.	USA	VIETNAM
Seitz, Christopher M.	USA	VIETNAM
Sermon, Jerome J.	USA	VIETNAM
Sexton, Ricky E.	USA	VIETNAM
Shafer, Robert E.	USA	VIETNAM
Shank, Edward F.	USA	VIETNAM
Shannon, Donald E.	USA	VIETNAM
Shaw, Harold T.	USA	VIETNAM
Sheppard, Grady W.	USA	VIETNAM
Shepard, Richard M.	USA	VIETNAM
Sherwood, Keith E.	USA	VIETNAM
Shiver, Orville E.	USA	VIETNAM
Shivers, Charles M.	USA	VIETNAM
Sikkenga, Albert L., Jr.	USA	VIETNAM
Simmons, Jack W.	USA	VIETNAM
Simmons, Clarence	USA	VIETNAM
Simmons, Harry E.	USA	VIETNAM
Simmons, Irvin D., Jr.	USA	VIETNAM
Simmons, William G.	USA	VIETNAM
Simmons, Zeb	USA	VIETNAM
Simms, Daniel, Jr.	USA	VIETNAM
Simpson, Oscar W.	USA	VIETNAM
Sims, Ruben W., III	USA	VIETNAM
Singleton, Harvey C.	USA	VIETNAM
Slaughter, Carrol B., Jr.	USA	VIETNAM
Smedley, Larry E.	USA	VIETNAM
Smith, Alan L.	USA	VIETNAM
Smith, Barney M.	USA	VIETNAM
Smith, Carl D.	USA	VIETNAM
Smith, Charles L.	USA	VIETNAM
Smith, David A.	USA	VIETNAM
Smith, Larry M.	USA	VIETNAM
Smith, Lloyd F.	USA	VIETNAM
Smith, Ralph S.	USA	VIETNAM
Smith, Samuel J.	USA	VIETNAM
Smith, Wilbur L.	USA	VIETNAM
Smith, William C.	USA	VIETNAM
Snider, Robert	USA	VIETNAM
Snodgrass, Eugene L.	USA	VIETNAM
Snyder, Arthur D.	USA	WWII
Sommerschield, Lloyd H.	USMC WWII
Sorensen, John W.	USA	WWII
Southard, David A.	USA	WWII
Sozar, Frank J.	USA	WWII
Spivey, Jasper C.	USA	WWII
Stafford, Ronald W.	USA	VIETNAM
Stahl, Philip T.	USA	VIETNAM
Stapler, James C., Jr.	USA	VIETNAM
Starr, John	USCG WWII
Steele, Ronny E.	USA	VIETNAM
Stephens, Edmund C.	USA	VIETNAM
Stephens, George	USA	WWII
Stevenson, Robert L.	USA	VIETNAM
Stevenson, Thomas C., Jr.	USMC VIETNAM
Stewart, Cyril J.	USA	VIETNAM
Stewart, Robert J.	USA	WWII
Stone, Jerry M.	USA	VIETNAM
Stone, Samuel E., Jr.	USA	WWII
Story, Frank J.	US	VIETNAM
Stovall, William D.	USA	VIETNAM
Strauss, Louis G.	USA	WWII
Strobie, Ariel E., Jr.	USA	WWII
Suggs, William A.	USA	VIETNAM
Suhrbrock, Roland W.	USA	VIETNAM
Sullivan, Charles E.	USA	WWII
Sullivan, William P.	USMC VIETNAM
Sumarell, Adam K.	USA	VIETNAM
Swilley, William D.	USA	VIETNAM
Symons, John J.	USA	VIETNAM
Tabet, Sidney M.	USA	VIETNAM
Talbot, George E.	USA	VIETNAM
Tanner, Kenneth P.	USA	VIETNAM
Tate, Robert D.	USMC VIETNAM
Taylor, Gerald E.	USA	VIETNAM
Taylor, Hershel H.	USA	VIETNAM
Taylor, James H.	USA	KOREA
Taylor, Roderick P.	USA	VIETNAM
Taylor, Wilson C., Jr.	USA	VIETNAM
Taylor, Wilbert H.	USA	WWII
Tedder, Ray R.	USA	VIETNAM
Terhune, William V., Jr.	USA	VIETNAM
Tharp, Sean D.	USA	OIF
Thomas, Michael J.	USA	VIETNAM
Thomas, Charles F. W.	USA	VIETNAM
Thomas, Charles W.	USA	VIETNAM
Thomas, Franklin L., Jr.	USA	VIETNAM
Thomas, Harvey M.	USA	VIETNAM
Thomas, Horace B.	USMC VIETNAM
Thomas, Jesse	USA	VIETNAM
Thomas, John	US	VIETNAM
Thomas, Robert J.	USA	VIETNAM
Thomas, William H.	USA	VIETNAM
Thompson, Norbert L.	USA	VIETNAM
Thompson, William D.	USA	VIETNAM
Tice, Jay H.	USA	VIETNAM
Tillery, Raymond E.	USA	VIETNAM
Tinson, Frederick	USA	VIETNAM
Todd, Lee H.	USA	VIETNAM
Todd, Brandon	USA	OIF
Tolbert, John	USA	VIETNAM
Torsrud, Robert	USA	VIETNAM
Toth, Brent J.	USA	VIETNAM
Towning, Bryan H., Jr.	USA	VIETNAM
Travis, Cornelius F., Jr.	USA	VIETNAM
Trippet, James M.	USMC VIETNAM
Trotman, Ronald L.	USA	VIETNAM
Trout, Warren C., II	USA	VIETNAM
True, Malcolm E., Jr.	USA	VIETNAM
Truitt, Lawrence T.	USA	VIETNAM
Tubb, Quincy H.	USA	VIETNAM
Tubb, David W.	USMC VIETNAM
Tucker, Jerry J.	USA	VIETNAM
Tucker, John P.	USA	VIETNAM
Turner, Cox	USA	VIETNAM
Turner, Earl R., Jr.	USA	VIETNAM
Turner, Martin F., Jr.	USA	VIETNAM
Turner, Robert L.	USA	VIETNAM
Turner, Roy S.	USA	VIETNAM
Turner, Edward	USA	VIETNAM
Uragoro, Dominick J.	USA	VIETNAM
Vasconi, Angelo	USA	VIETNAM
Vale, Claudes	USA	VIETNAM
Van Horn, Benjamin F.	USA	VIETNAM
Van Vliet, Howard	USA	VIETNAM
Vanderhorst, John E.	USA	VIETNAM
Vasquez, Jeffrey D.	USA	OIF
Vaughan, Donald G.	USA	VIETNAM
Vaughn, John C.	USA	VIETNAM
Vedder, Timothy A.	USA	VIETNAM
Venezky, Ronald F.	USA	VIETNAM
Vess, Robert M.	USA	VIETNAM
Vick, John F.	USA	VIETNAM
Vickers, John R.	USA	VIETNAM
Vincent, Raymond G.	USA	VIETNAM
Vinci, Salvatore T.	USA	VIETNAM
Vinson, Charles	USA	VIETNAM
Vollmershausen, John	USA	VIETNAM
Wade, Grady W.	USA	VIETNAM
Wadsworth, Willard B.	USA	VIETNAM
Wagner, John E.	USA	VIETNAM
Waite, Robert F.	USA	VIETNAM
Walker, Arnold R.	USA	VIETNAM
Walker, James E.	USA	VIETNAM
Walker, Michael D.	USA	VIETNAM
Wallace, Jackie E.	USA	VIETNAM
Walls, Jerry D.	USA	VIETNAM
Walters, Albert K.	USA	VIETNAM
Walters, Frederick E.	USA	VIETNAM
Walther, Harold H.	USA	VIETNAM
Wambles, Robert F.	USA	VIETNAM
Ward, Jesse W.	USA	VIETNAM
Warner, Douglas L.	USA	VIETNAM
Warren, Ronald W.	USA	VIETNAM
Warren, Francis L.	USA	VIETNAM
Warren, Harold	USA	VIETNAM
Washington, Solomon	USA	VIETNAM
Waterbury, Richard K.	USA	VIETNAM
Watts, Wesley L.	USA	VIETNAM
Webb, Johnnie L.	USA	VIETNAM
Weeks, Dennis R.	USA	VIETNAM
Weinheimer, Lewis J.	USA	VIETNAM
Weissmann, Leonard H.	USA	VIETNAM
Weissmuller, Courtney	USA	VIETNAM
Welch, David	USA	VIETNAM
Weldon, Thomas	USA	VIETNAM
Wells, Charles B., Jr.	USA	VIETNAM
Wells, William R.	USA	VIETNAM
West, Walter M.	USA	VIETNAM
Westbrook, Robert W.	USA	VIETNAM
Westbrook, James I.	USA	VIETNAM
Westmoreland, Thomas	USA	VIETNAM
Wetherell, Robert M., Jr.	USA	VIETNAM
Wetzel, Gary	USA	VIETNAM
Whately, Allen	USA	VIETNAM
Wheldon, Michael B.	USA	VIETNAM
Whetstone, Maurice P.	USA	VIETNAM
Whigham, Raymond	USA	VIETNAM
Whisenant, Oliver T.	USA	VIETNAM
Whisenant, Perry S.	USA	VIETNAM
White, George W.	USA	VIETNAM
White, Edward R.	USA	VIETNAM
Whiteside, Raymond	USA	VIETNAM
Whitley, Randall H.	USA	VIETNAM
Whitman, James C.	USA	VIETNAM
Whitt, Walter R.	USA	VIETNAM
Whitley, James	USA	VIETNAM
Whittemore, Tillman B.	USA	VIETNAM
Whittington, Bobby R.	USA	VIETNAM
Wiggins, Aubrey A.	USA	VIETNAM
Wilder, Luther M.	USA	VIETNAM
Wilkerson, Arthur P.	USA	VIETNAM
Wilkinson, Foster V.	USA	VIETNAM
Williams, Albert L.	USA	VIETNAM
Williams, A. J.	USA	VIETNAM
Williams, Arthur C. IV	USA	VIETNAM
Williams, Chaney	USA	VIETNAM
Williams, Curtis	USA	VIETNAM
Williams, Harry	USA	VIETNAM
Williams, Hiram M.	USA	VIETNAM
Williams, Irving	USA	VIETNAM
Williams, James L.	USA	VIETNAM
Williams, Richard H.	USA	VIETNAM
Williams, Tony N.	USA	VIETNAM
Williams, Vernon A.	USA	VIETNAM
Willis, Cecil H.	USA	VIETNAM
Willis, Johnnie E.	USA	VIETNAM
Wills, Michael D.	USA	VIETNAM
Wilson, Alonzo B.	USA	VIETNAM
Wilson, Charles F.	USA	VIETNAM
Wilson, Melvin L.	USA	VIETNAM
Wilson, Robert	USA	VIETNAM
Wilson, W. Watson	USA	VIETNAM
Wilson, William A.	USA	VIETNAM
Winchester, Walter A.	USA	VIETNAM
Winslow, William D.	USA	VIETNAM
Winters, J. W.	USA	VIETNAM
Wirth, William E.	USA	VIETNAM
Wittig, Harold D.	USA	VIETNAM
Wolf, George R.	USA	VIETNAM
Wolfe, Kenneth L.	USA	VIETNAM
Wolf, Donald W.	USA	VIETNAM
Wolfe, Richard F.	USA	VIETNAM
Wolkotuni, Philip T.	USA	VIETNAM
Womack, Perry D.	USA	VIETNAM
Woodall, Alvis M.	USA	VIETNAM
Woodall, Jerry M.	USA	VIETNAM
Worden, Harry R.	USA	VIETNAM
Worthington, Jack E.	USA	VIETNAM
Wright, Claude L.	USA	VIETNAM
Wright, George	USA	VIETNAM
Wright, James A.	USA	VIETNAM
Wright, John M., Jr.	USA	VIETNAM
Wright, Jimmy L.	USA	VIETNAM
Wyche, Charlie C.	USA	VIETNAM
Yarbrough, Bruce	USA	VIETNAM
Young, Charles E.	USA	VIETNAM
Young, Howard B., Jr.	USA	VIETNAM
Young, Roger L.	USA	VIETNAM
Zaspin, Joseph H., Jr.	USA	VIETNAM
Zimmerman, Thomas R.	USA	VIETNAM
